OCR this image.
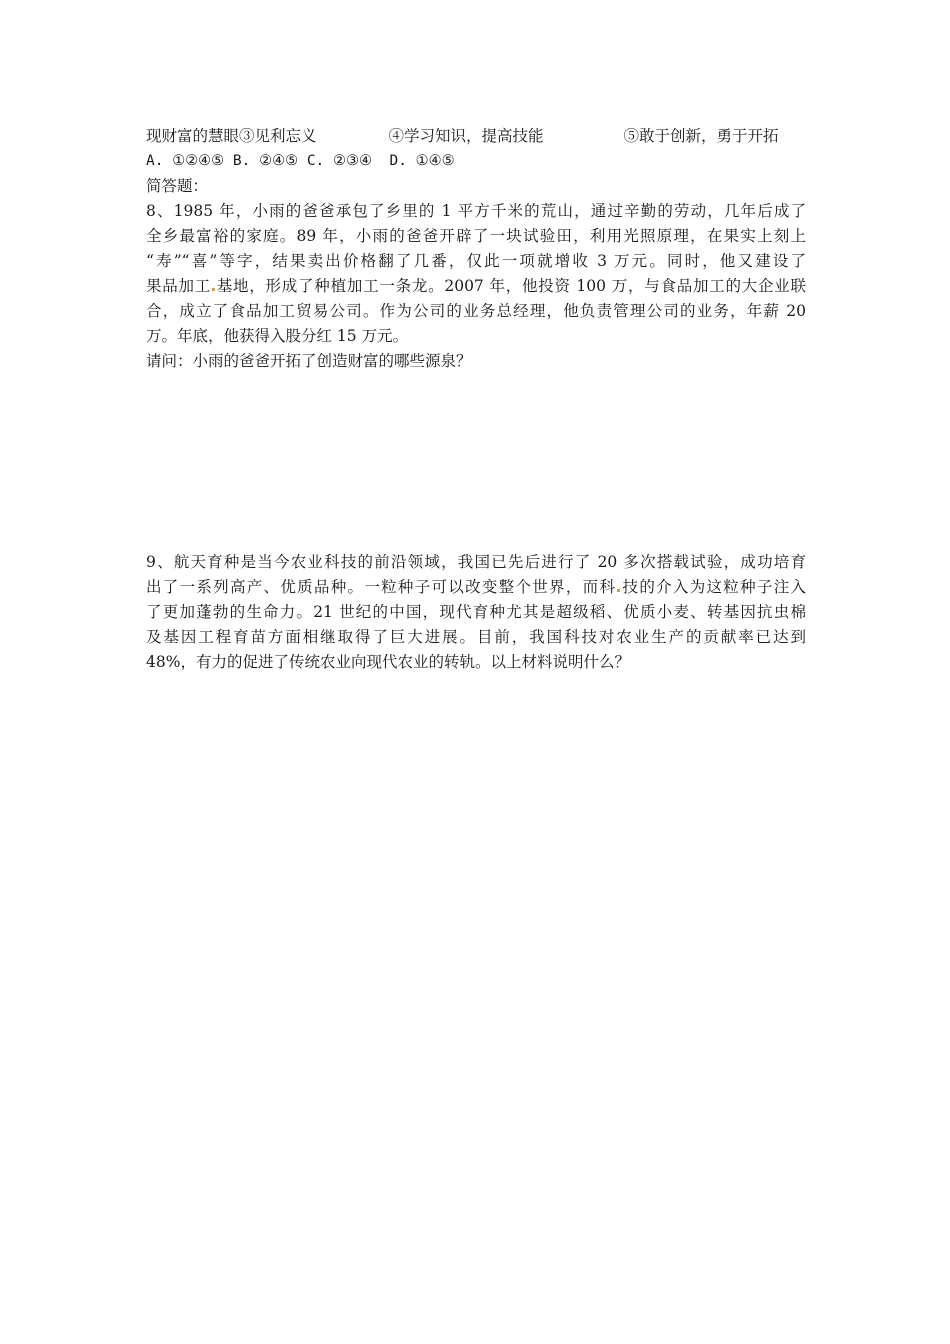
现财富的慧眼③见利忘义	④学习知识，提高技能	⑤敢于创新，勇于开拓
A. ①②④⑤ B. ②④⑤ C. ②③④  D. ①④⑤
简答题：
8、1985 年，小雨的爸爸承包了乡里的 1 平方千米的荒山，通过辛勤的劳动，几年后成了
全乡最富裕的家庭。89 年，小雨的爸爸开辟了一块试验田，利用光照原理，在果实上刻上
“寿”“喜”等字，结果卖出价格翻了几番，仅此一项就增收 3 万元。同时，他又建设了
果品加工 基地，形成了种植加工一条龙。2007 年，他投资 100 万，与食品加工的大企业联
合，成立了食品加工贸易公司。作为公司的业务总经理，他负责管理公司的业务，年薪 20
万。年底，他获得入股分红 15 万元。
请问：小雨的爸爸开拓了创造财富的哪些源泉？
9、航天育种是当今农业科技的前沿领域，我国已先后进行了 20 多次搭载试验，成功培育
出了一系列高产、优质品种。一粒种子可以改变整个世界，而科 技的介入为这粒种子注入
了更加蓬勃的生命力。21 世纪的中国，现代育种尤其是超级稻、优质小麦、转基因抗虫棉
及基因工程育苗方面相继取得了巨大进展。目前，我国科技对农业生产的贡献率已达到
48%，有力的促进了传统农业向现代农业的转轨。以上材料说明什么？
